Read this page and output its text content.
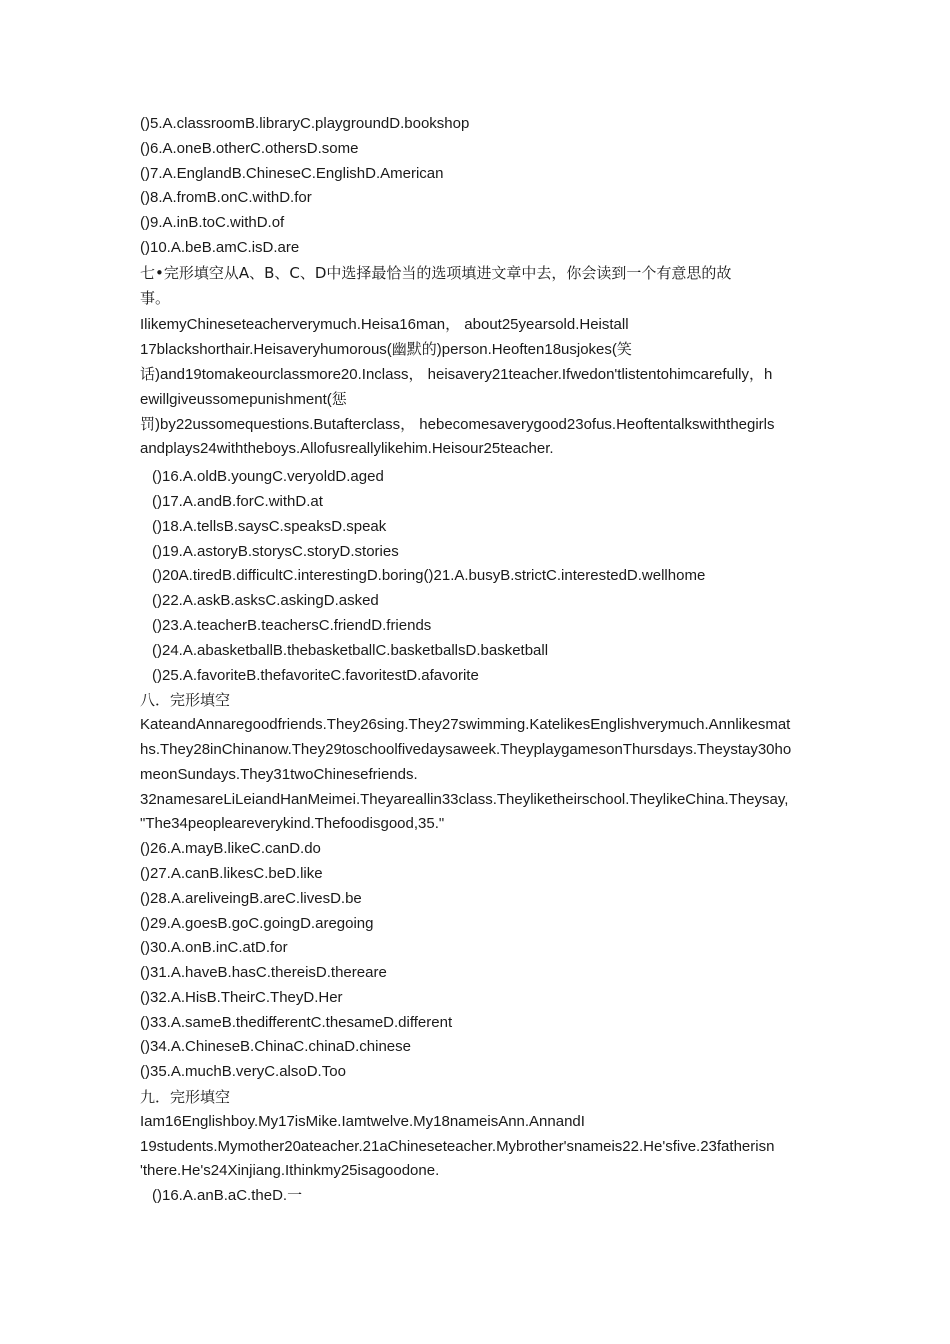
()5.A.classroomB.libraryC.playgroundD.bookshop

()6.A.oneB.otherC.othersD.some

()7.A.EnglandB.ChineseC.EnglishD.American

()8.A.fromB.onC.withD.for

()9.A.inB.toC.withD.of

()10.A.beB.amC.isD.are

七•完形填空从A、B、C、D中选择最恰当的选项填进文章中去，你会读到一个有意思的故

事。

IlikemyChineseteacherverymuch.Heisa16man， about25yearsold.Heistall

17blackshorthair.Heisaveryhumorous(幽默的)person.Heoften18usjokes(笑

话)and19tomakeourclassmore20.Inclass， heisavery21teacher.Ifwedon'tlistentohimcarefully，h

ewillgiveussomepunishment(惩

罚)by22ussomequestions.Butafterclass， hebecomesaverygood23ofus.Heoftentalkswiththegirls

andplays24withtheboys.Allofusreallylikehim.Heisour25teacher.

()16.A.oldB.youngC.veryoldD.aged

()17.A.andB.forC.withD.at

()18.A.tellsB.saysC.speaksD.speak

()19.A.astoryB.storysC.storyD.stories

()20A.tiredB.difficultC.interestingD.boring()21.A.busyB.strictC.interestedD.wellhome

()22.A.askB.asksC.askingD.asked

()23.A.teacherB.teachersC.friendD.friends

()24.A.abasketballB.thebasketballC.basketballsD.basketball

()25.A.favoriteB.thefavoriteC.favoritestD.afavorite

八．完形填空

KateandAnnaregoodfriends.They26sing.They27swimming.KatelikesEnglishverymuch.Annlikesmat

hs.They28inChinanow.They29toschoolfivedaysaweek.TheyplaygamesonThursdays.Theystay30ho

meonSundays.They31twoChinesefriends.

32namesareLiLeiandHanMeimei.Theyareallin33class.Theyliketheirschool.TheylikeChina.Theysay,

"The34peopleareverykind.Thefoodisgood,35."

()26.A.mayB.likeC.canD.do

()27.A.canB.likesC.beD.like

()28.A.areliveingB.areC.livesD.be

()29.A.goesB.goC.goingD.aregoing

()30.A.onB.inC.atD.for

()31.A.haveB.hasC.thereisD.thereare

()32.A.HisB.TheirC.TheyD.Her

()33.A.sameB.thedifferentC.thesameD.different

()34.A.ChineseB.ChinaC.chinaD.chinese

()35.A.muchB.veryC.alsoD.Too

九．完形填空

Iam16Englishboy.My17isMike.Iamtwelve.My18nameisAnn.AnnandI

19students.Mymother20ateacher.21aChineseteacher.Mybrother'snameis22.He'sfive.23fatherisn

'there.He's24Xinjiang.Ithinkmy25isagoodone.

()16.A.anB.aC.theD.一
